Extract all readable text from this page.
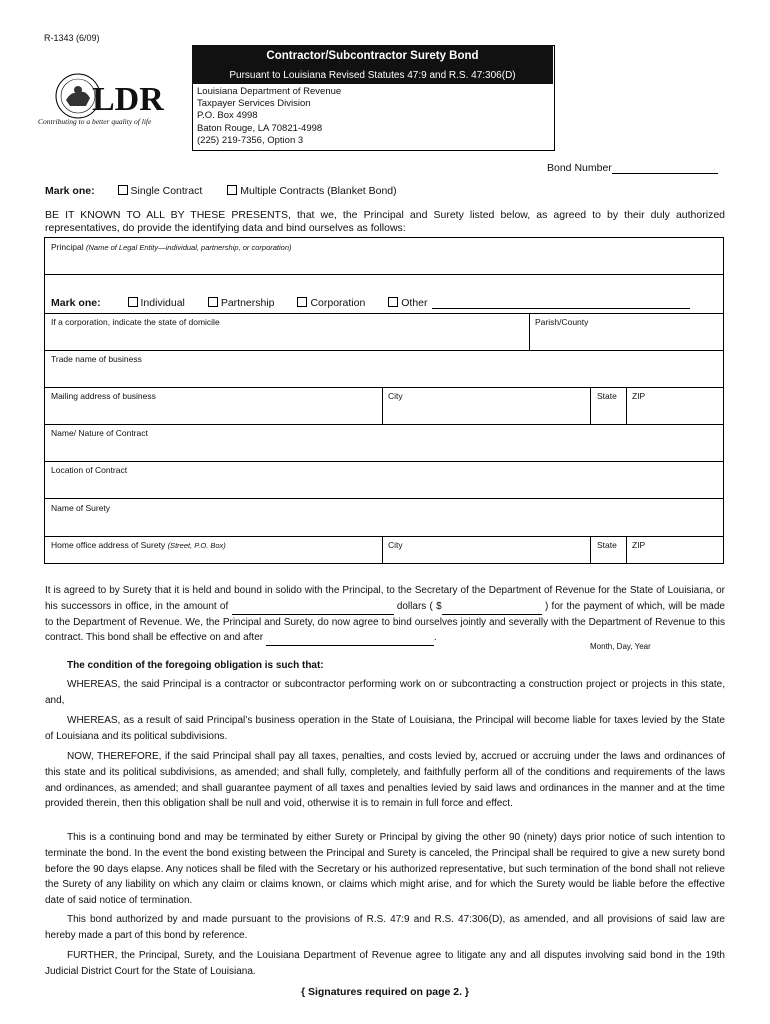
R-1343 (6/09)
LDR
Contributing to a better quality of life
Contractor/Subcontractor Surety Bond
Pursuant to Louisiana Revised Statutes 47:9 and R.S. 47:306(D)
Louisiana Department of Revenue
Taxpayer Services Division
P.O. Box 4998
Baton Rouge, LA 70821-4998
(225) 219-7356, Option 3
Bond Number
Mark one:	Single Contract	Multiple Contracts (Blanket Bond)
BE IT KNOWN TO ALL BY THESE PRESENTS, that we, the Principal and Surety listed below, as agreed to by their duly authorized representatives, do provide the identifying data and bind ourselves as follows:
Principal (Name of Legal Entity—individual, partnership, or corporation)
Mark one:	Individual	Partnership	Corporation	Other
If a corporation, indicate the state of domicile	Parish/County
Trade name of business
Mailing address of business	City	State ZIP
Name/ Nature of Contract
Location of Contract
Name of Surety
Home office address of Surety (Street, P.O. Box)	City	State ZIP
It is agreed to by Surety that it is held and bound in solido with the Principal, to the Secretary of the Department of Revenue for the State of Louisiana, or his successors in office, in the amount of	dollars ( $	) for the payment of which, will be made to the Department of Revenue. We, the Principal and Surety, do now agree to bind ourselves jointly and severally with the Department of Revenue to this contract. This bond shall be effective on and after	.
Month, Day, Year
The condition of the foregoing obligation is such that:
WHEREAS, the said Principal is a contractor or subcontractor performing work on or subcontracting a construction project or projects in this state, and,
WHEREAS, as a result of said Principal’s business operation in the State of Louisiana, the Principal will become liable for taxes levied by the State of Louisiana and its political subdivisions.
NOW, THEREFORE, if the said Principal shall pay all taxes, penalties, and costs levied by, accrued or accruing under the laws and ordinances of this state and its political subdivisions, as amended; and shall fully, completely, and faithfully perform all of the conditions and requirements of the laws and ordinances, as amended; and shall guarantee payment of all taxes and penalties levied by said laws and ordinances in the manner and at the time provided therein, then this obligation shall be null and void, otherwise it is to remain in full force and effect.
This is a continuing bond and may be terminated by either Surety or Principal by giving the other 90 (ninety) days prior notice of such intention to terminate the bond. In the event the bond existing between the Principal and Surety is canceled, the Principal shall be required to give a new surety bond before the 90 days elapse. Any notices shall be filed with the Secretary or his authorized representative, but such termination of the bond shall not relieve the Surety of any liability on which any claim or claims known, or claims which might arise, and for which the Surety would be liable before the effective date of said notice of termination.
This bond authorized by and made pursuant to the provisions of R.S. 47:9 and R.S. 47:306(D), as amended, and all provisions of said law are hereby made a part of this bond by reference.
FURTHER, the Principal, Surety, and the Louisiana Department of Revenue agree to litigate any and all disputes involving said bond in the 19th Judicial District Court for the State of Louisiana.
{ Signatures required on page 2. }
